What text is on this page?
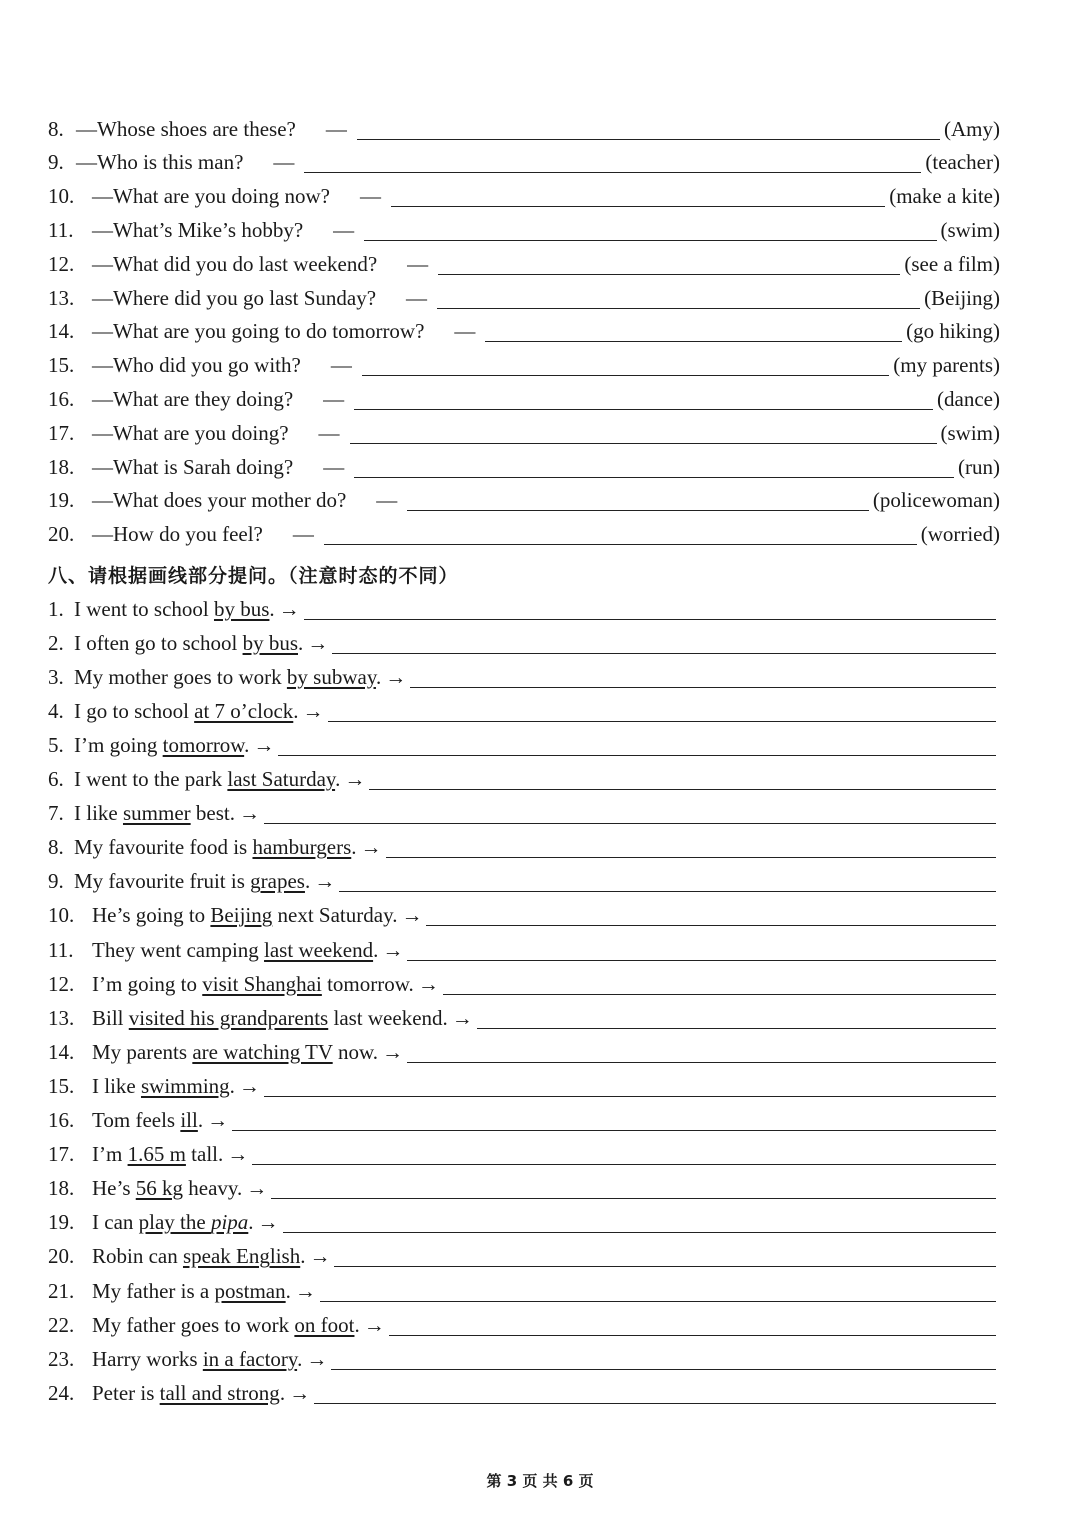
8. —Whose shoes are these? —	(Amy)
9. —Who is this man? —	(teacher)
10. —What are you doing now? —	(make a kite)
11. —What’s Mike’s hobby? —	(swim)
12. —What did you do last weekend? —	(see a film)
13. —Where did you go last Sunday? —	(Beijing)
14. —What are you going to do tomorrow? —	(go hiking)
15. —Who did you go with? —	(my parents)
16. —What are they doing? —	(dance)
17. —What are you doing? —	(swim)
18. —What is Sarah doing? —	(run)
19. —What does your mother do? —	(policewoman)
20. —How do you feel? —	(worried)
八、请根据画线部分提问。（注意时态的不同）
1. I went to school by bus. →
2. I often go to school by bus. →
3. My mother goes to work by subway. →
4. I go to school at 7 o’clock. →
5. I’m going tomorrow. →
6. I went to the park last Saturday. →
7. I like summer best. →
8. My favourite food is hamburgers. →
9. My favourite fruit is grapes. →
10. He’s going to Beijing next Saturday. →
11. They went camping last weekend. →
12. I’m going to visit Shanghai tomorrow. →
13. Bill visited his grandparents last weekend. →
14. My parents are watching TV now. →
15. I like swimming. →
16. Tom feels ill. →
17. I’m 1.65 m tall. →
18. He’s 56 kg heavy. →
19. I can play the pipa. →
20. Robin can speak English. →
21. My father is a postman. →
22. My father goes to work on foot. →
23. Harry works in a factory. →
24. Peter is tall and strong. →
第 3 页 共 6 页
